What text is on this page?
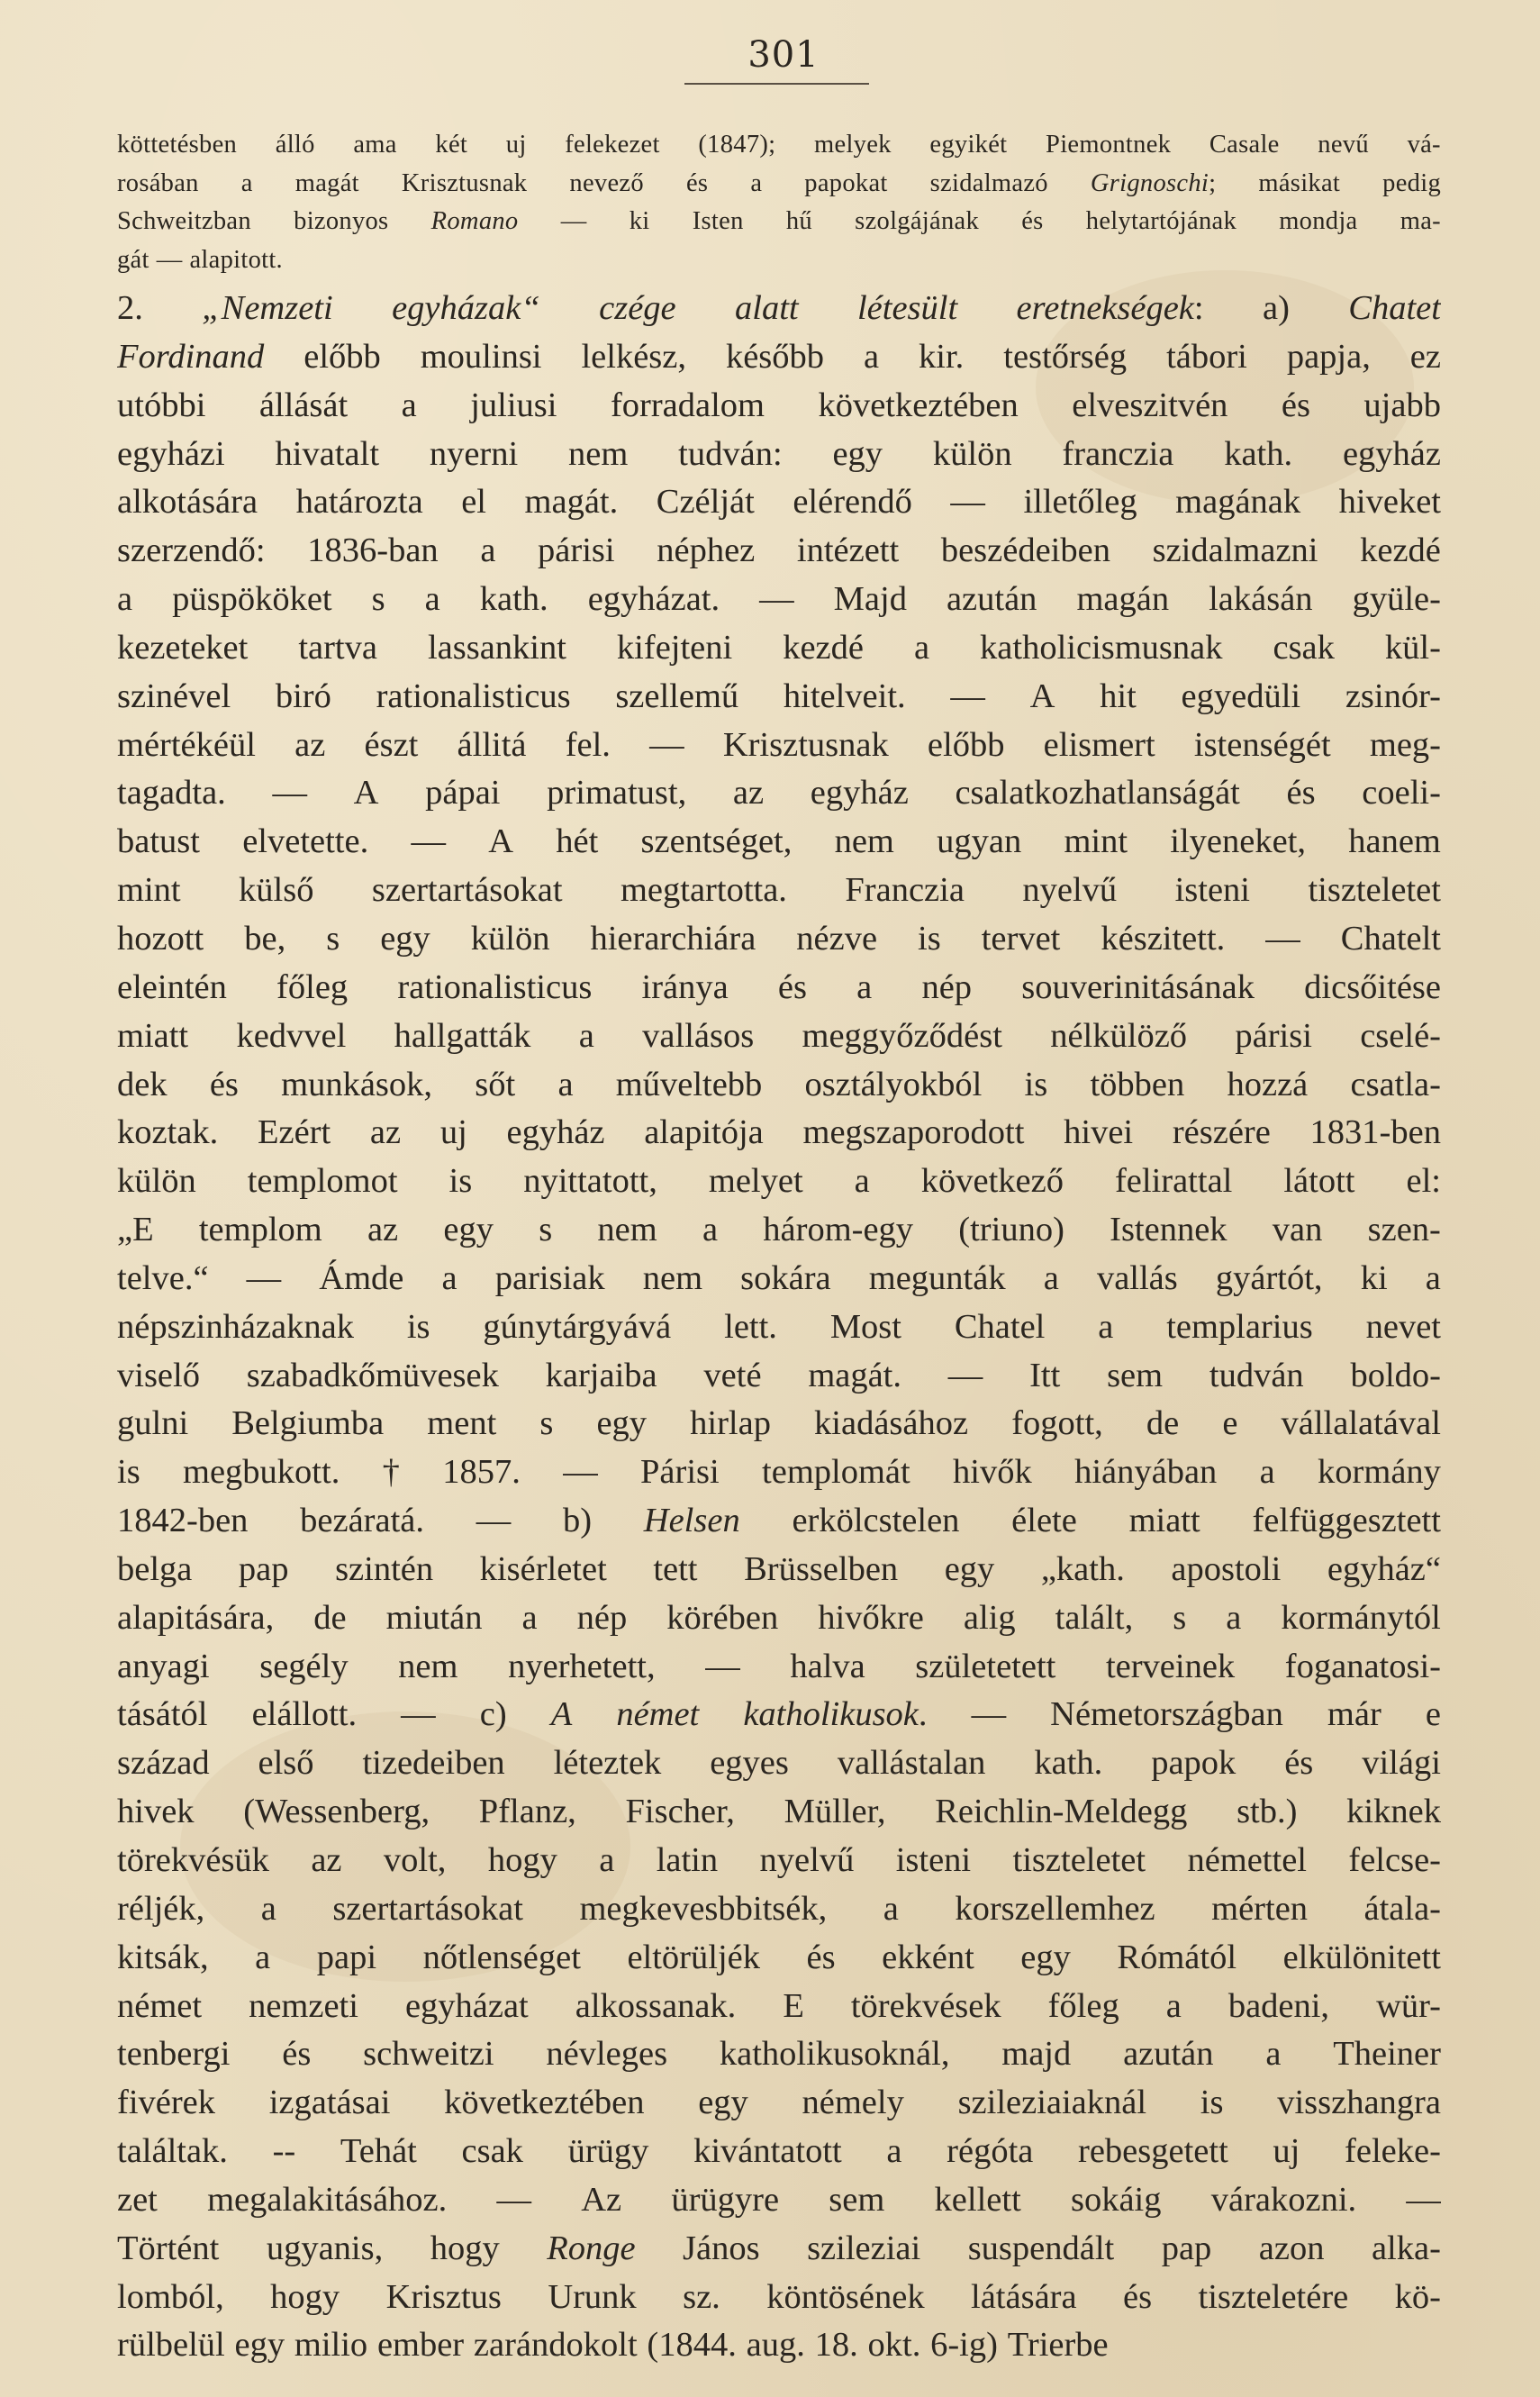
301
köttetésben álló ama két uj felekezet (1847); melyek egyikét Piemontnek Casale nevű vá-
rosában a magát Krisztusnak nevező és a papokat szidalmazó Grignoschi; másikat pedig
Schweitzban bizonyos Romano — ki Isten hű szolgájának és helytartójának mondja ma-
gát — alapitott.
2. „Nemzeti egyházak“ czége alatt létesült eretnekségek: a) Chatet
Fordinand előbb moulinsi lelkész, később a kir. testőrség tábori papja, ez
utóbbi állását a juliusi forradalom következtében elveszitvén és ujabb
egyházi hivatalt nyerni nem tudván: egy külön franczia kath. egyház
alkotására határozta el magát. Czélját elérendő — illetőleg magának hiveket
szerzendő: 1836-ban a párisi néphez intézett beszédeiben szidalmazni kezdé
a püspököket s a kath. egyházat. — Majd azután magán lakásán gyüle-
kezeteket tartva lassankint kifejteni kezdé a katholicismusnak csak kül-
szinével biró rationalisticus szellemű hitelveit. — A hit egyedüli zsinór-
mértékéül az észt állitá fel. — Krisztusnak előbb elismert istenségét meg-
tagadta. — A pápai primatust, az egyház csalatkozhatlanságát és coeli-
batust elvetette. — A hét szentséget, nem ugyan mint ilyeneket, hanem
mint külső szertartásokat megtartotta. Franczia nyelvű isteni tiszteletet
hozott be, s egy külön hierarchiára nézve is tervet készitett. — Chatelt
eleintén főleg rationalisticus iránya és a nép souverinitásának dicsőitése
miatt kedvvel hallgatták a vallásos meggyőződést nélkülöző párisi cselé-
dek és munkások, sőt a műveltebb osztályokból is többen hozzá csatla-
koztak. Ezért az uj egyház alapitója megszaporodott hivei részére 1831-ben
külön templomot is nyittatott, melyet a következő felirattal látott el:
„E templom az egy s nem a három-egy (triuno) Istennek van szen-
telve.“ — Ámde a parisiak nem sokára megunták a vallás gyártót, ki a
népszinházaknak is gúnytárgyává lett. Most Chatel a templarius nevet
viselő szabadkőmüvesek karjaiba veté magát. — Itt sem tudván boldo-
gulni Belgiumba ment s egy hirlap kiadásához fogott, de e vállalatával
is megbukott. † 1857. — Párisi templomát hivők hiányában a kormány
1842-ben bezáratá. — b) Helsen erkölcstelen élete miatt felfüggesztett
belga pap szintén kisérletet tett Brüsselben egy „kath. apostoli egyház“
alapitására, de miután a nép körében hivőkre alig talált, s a kormánytól
anyagi segély nem nyerhetett, — halva születetett terveinek foganatosi-
tásától elállott. — c) A német katholikusok. — Németországban már e
század első tizedeiben léteztek egyes vallástalan kath. papok és világi
hivek (Wessenberg, Pflanz, Fischer, Müller, Reichlin-Meldegg stb.) kiknek
törekvésük az volt, hogy a latin nyelvű isteni tiszteletet némettel felcse-
réljék, a szertartásokat megkevesbbitsék, a korszellemhez mérten átala-
kitsák, a papi nőtlenséget eltörüljék és ekként egy Rómától elkülönitett
német nemzeti egyházat alkossanak. E törekvések főleg a badeni, wür-
tenbergi és schweitzi névleges katholikusoknál, majd azután a Theiner
fivérek izgatásai következtében egy némely szileziaiaknál is visszhangra
találtak. -- Tehát csak ürügy kivántatott a régóta rebesgetett uj feleke-
zet megalakitásához. — Az ürügyre sem kellett sokáig várakozni. —
Történt ugyanis, hogy Ronge János szileziai suspendált pap azon alka-
lomból, hogy Krisztus Urunk sz. köntösének látására és tiszteletére kö-
rülbelül egy milio ember zarándokolt (1844. aug. 18. okt. 6-ig) Trierbe
